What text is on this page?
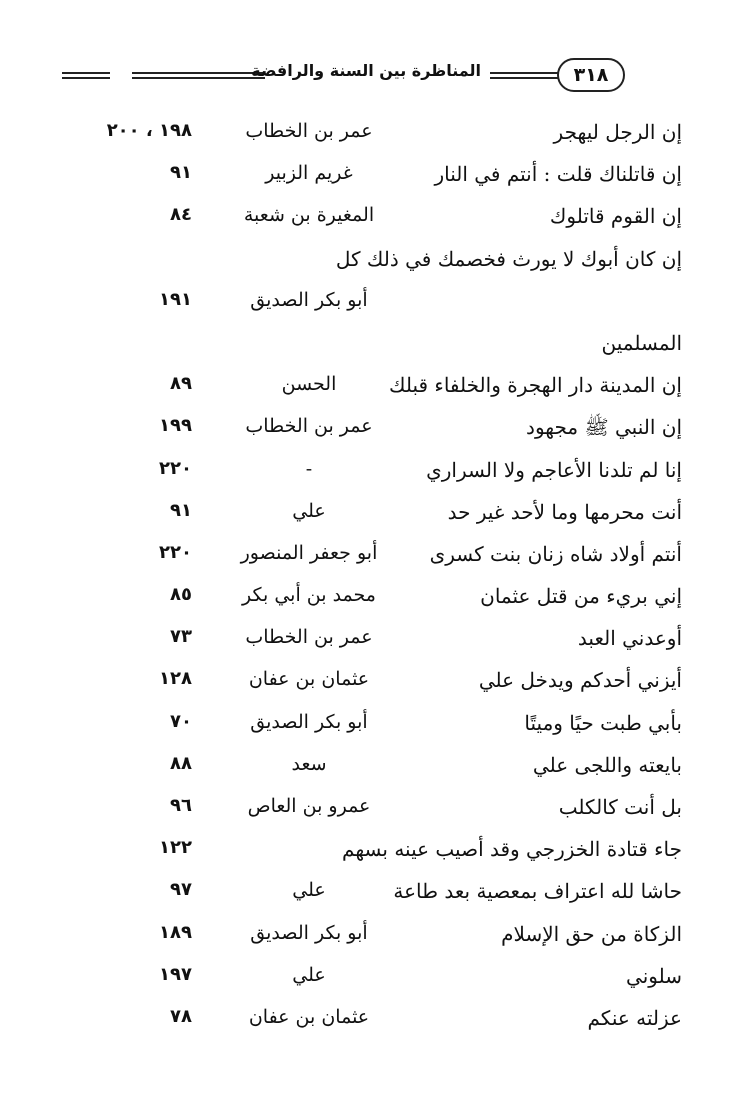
٣١٨
المناظرة بين السنة والرافضة
إن الرجل ليهجر
عمر بن الخطاب
١٩٨ ، ٢٠٠
إن قاتلناك قلت : أنتم في النار
غريم الزبير
٩١
إن القوم قاتلوك
المغيرة بن شعبة
٨٤
إن كان أبوك لا يورث فخصمك في ذلك كل
أبو بكر الصديق
١٩١
المسلمين
إن المدينة دار الهجرة والخلفاء قبلك
الحسن
٨٩
إن النبي ﷺ مجهود
عمر بن الخطاب
١٩٩
إنا لم تلدنا الأعاجم ولا السراري
-
٢٢٠
أنت محرمها وما لأحد غير حد
علي
٩١
أنتم أولاد شاه زنان بنت كسرى
أبو جعفر المنصور
٢٢٠
إني بريء من قتل عثمان
محمد بن أبي بكر
٨٥
أوعدني العبد
عمر بن الخطاب
٧٣
أيزني أحدكم ويدخل علي
عثمان بن عفان
١٢٨
بأبي طبت حيًا وميتًا
أبو بكر الصديق
٧٠
بايعته واللجى علي
سعد
٨٨
بل أنت كالكلب
عمرو بن العاص
٩٦
جاء قتادة الخزرجي وقد أصيب عينه بسهم
١٢٢
حاشا لله اعتراف بمعصية بعد طاعة
علي
٩٧
الزكاة من حق الإسلام
أبو بكر الصديق
١٨٩
سلوني
علي
١٩٧
عزلته عنكم
عثمان بن عفان
٧٨
